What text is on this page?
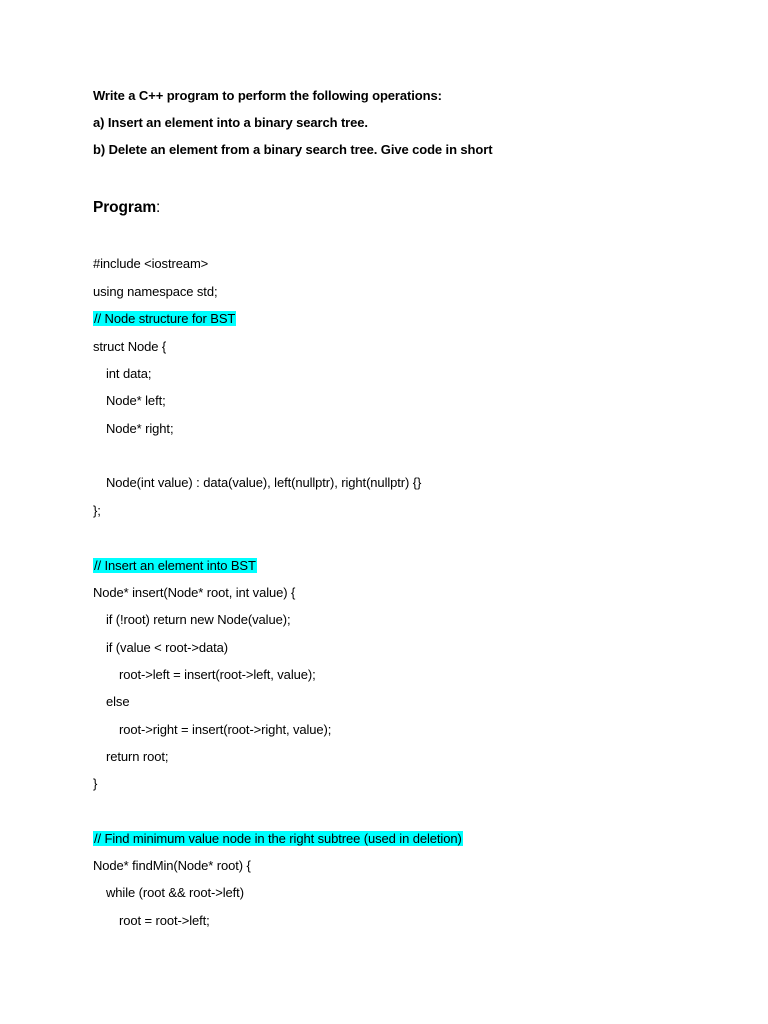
Write a C++ program to perform the following operations:
a) Insert an element into a binary search tree.
b) Delete an element from a binary search tree. Give code in short
Program:
#include <iostream>
using namespace std;
// Node structure for BST
struct Node {
int data;
Node* left;
Node* right;
Node(int value) : data(value), left(nullptr), right(nullptr) {}
};
// Insert an element into BST
Node* insert(Node* root, int value) {
if (!root) return new Node(value);
if (value < root->data)
root->left = insert(root->left, value);
else
root->right = insert(root->right, value);
return root;
}
// Find minimum value node in the right subtree (used in deletion)
Node* findMin(Node* root) {
while (root && root->left)
root = root->left;
